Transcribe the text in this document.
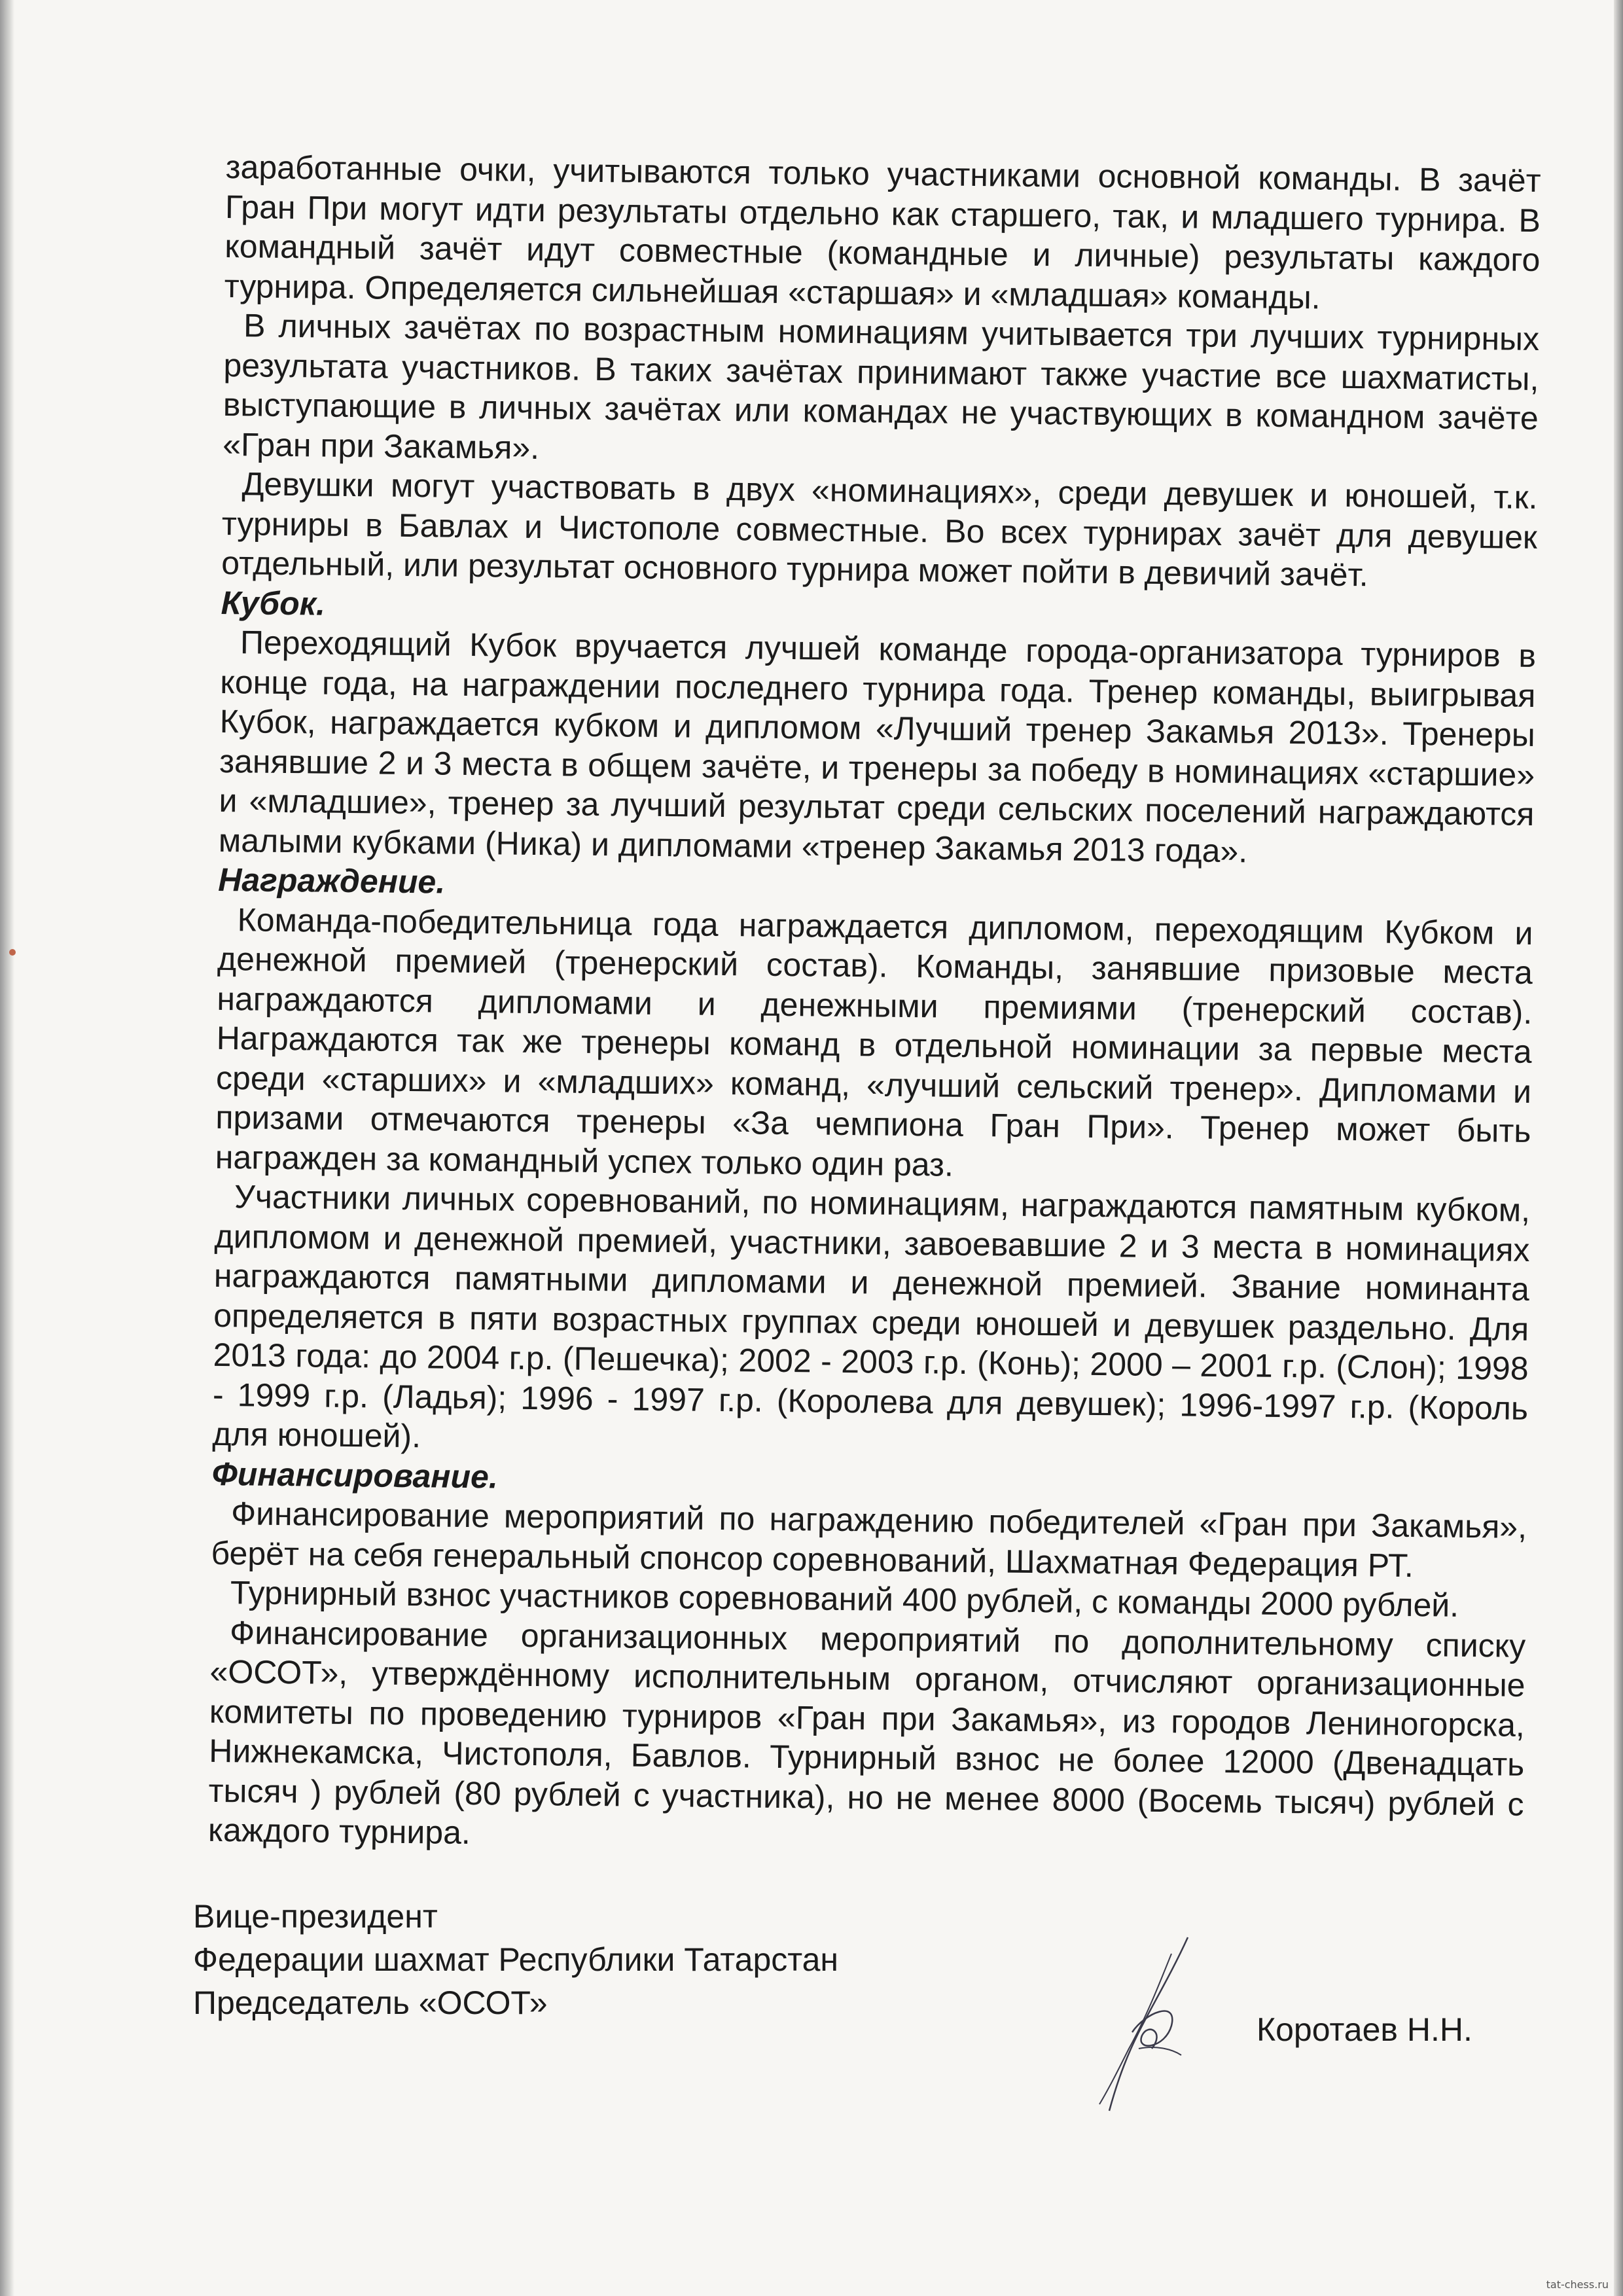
заработанные очки, учитываются только участниками основной команды. В зачёт Гран При могут идти результаты отдельно как старшего, так, и младшего турнира. В командный зачёт идут совместные (командные и личные) результаты каждого турнира. Определяется сильнейшая «старшая» и «младшая» команды.

В личных зачётах по возрастным номинациям учитывается три лучших турнирных результата участников. В таких зачётах принимают также участие все шахматисты, выступающие в личных зачётах или командах не участвующих в командном зачёте «Гран при Закамья».

Девушки могут участвовать в двух «номинациях», среди девушек и юношей, т.к. турниры в Бавлах и Чистополе совместные. Во всех турнирах зачёт для девушек отдельный, или результат основного турнира может пойти в девичий зачёт.

Кубок.

Переходящий Кубок вручается лучшей команде города-организатора турниров в конце года, на награждении последнего турнира года. Тренер команды, выигрывая Кубок, награждается кубком и дипломом «Лучший тренер Закамья 2013». Тренеры занявшие 2 и 3 места в общем зачёте, и тренеры за победу в номинациях «старшие» и «младшие», тренер за лучший результат среди сельских поселений награждаются малыми кубками (Ника) и дипломами «тренер Закамья 2013 года».

Награждение.

Команда-победительница года награждается дипломом, переходящим Кубком и денежной премией (тренерский состав). Команды, занявшие призовые места награждаются дипломами и денежными премиями (тренерский состав). Награждаются так же тренеры команд в отдельной номинации за первые места среди «старших» и «младших» команд, «лучший сельский тренер». Дипломами и призами отмечаются тренеры «За чемпиона Гран При». Тренер может быть награжден за командный успех только один раз.

Участники личных соревнований, по номинациям, награждаются памятным кубком, дипломом и денежной премией, участники, завоевавшие 2 и 3 места в номинациях награждаются памятными дипломами и денежной премией. Звание номинанта определяется в пяти возрастных группах среди юношей и девушек раздельно. Для 2013 года: до 2004 г.р. (Пешечка); 2002 - 2003 г.р. (Конь); 2000 – 2001 г.р. (Слон); 1998 - 1999 г.р. (Ладья); 1996 - 1997 г.р. (Королева для девушек); 1996-1997 г.р. (Король для юношей).

Финансирование.

Финансирование мероприятий по награждению победителей «Гран при Закамья», берёт на себя генеральный спонсор соревнований, Шахматная Федерация РТ.

Турнирный взнос участников соревнований 400 рублей, с команды 2000 рублей.

Финансирование организационных мероприятий по дополнительному списку «ОСОТ», утверждённому исполнительным органом, отчисляют организационные комитеты по проведению турниров «Гран при Закамья», из городов Лениногорска, Нижнекамска, Чистополя, Бавлов. Турнирный взнос не более 12000 (Двенадцать тысяч ) рублей (80 рублей с участника), но не менее 8000 (Восемь тысяч) рублей с каждого турнира.

Вице-президент
Федерации шахмат Республики Татарстан
Председатель «ОСОТ»
Коротаев Н.Н.
tat-chess.ru
